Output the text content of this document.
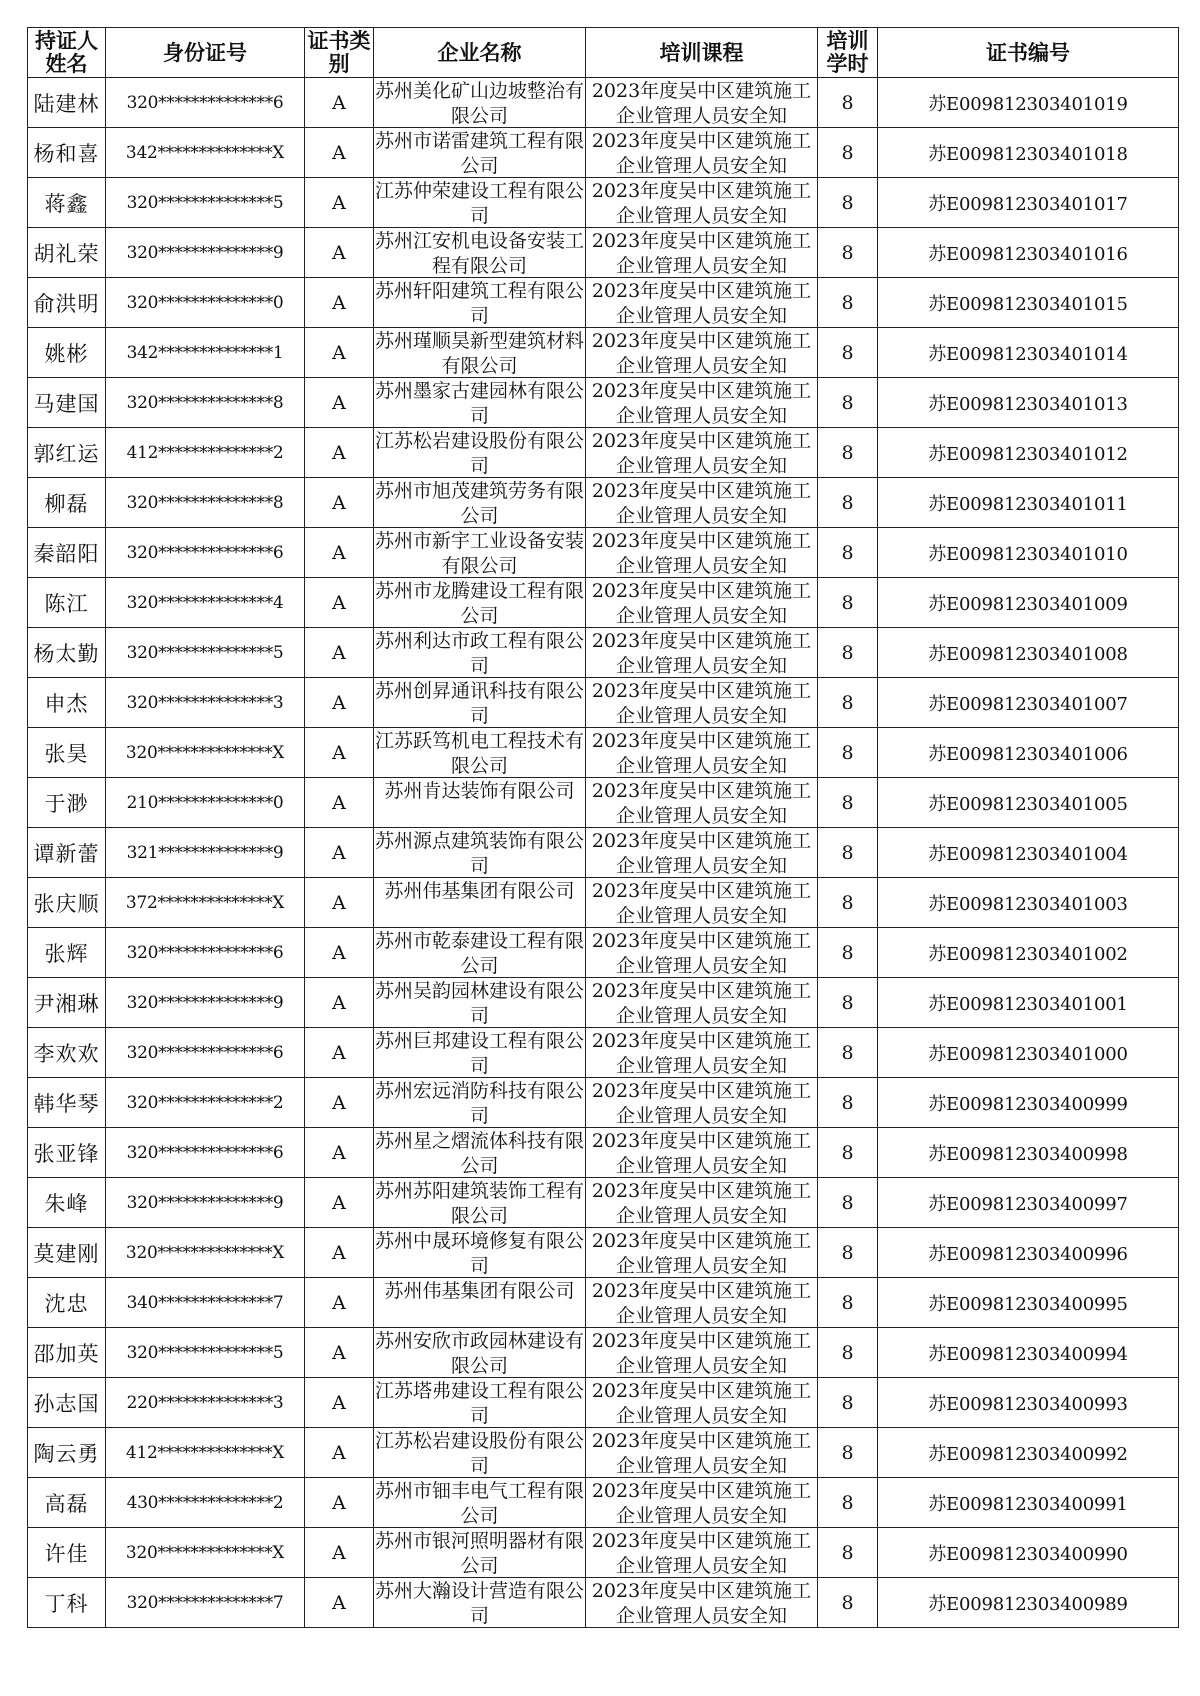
持证人姓名	身份证号	证书类别	企业名称	培训课程	培训学时	证书编号
陆建林	320**************6	A	苏州美化矿山边坡整治有限公司	2023年度吴中区建筑施工企业管理人员安全知	8	苏E009812303401019
杨和喜	342**************X	A	苏州市诺雷建筑工程有限公司	2023年度吴中区建筑施工企业管理人员安全知	8	苏E009812303401018
蒋鑫	320**************5	A	江苏仲荣建设工程有限公司	2023年度吴中区建筑施工企业管理人员安全知	8	苏E009812303401017
胡礼荣	320**************9	A	苏州江安机电设备安装工程有限公司	2023年度吴中区建筑施工企业管理人员安全知	8	苏E009812303401016
俞洪明	320**************0	A	苏州轩阳建筑工程有限公司	2023年度吴中区建筑施工企业管理人员安全知	8	苏E009812303401015
姚彬	342**************1	A	苏州瑾顺昊新型建筑材料有限公司	2023年度吴中区建筑施工企业管理人员安全知	8	苏E009812303401014
马建国	320**************8	A	苏州墨家古建园林有限公司	2023年度吴中区建筑施工企业管理人员安全知	8	苏E009812303401013
郭红运	412**************2	A	江苏松岩建设股份有限公司	2023年度吴中区建筑施工企业管理人员安全知	8	苏E009812303401012
柳磊	320**************8	A	苏州市旭茂建筑劳务有限公司	2023年度吴中区建筑施工企业管理人员安全知	8	苏E009812303401011
秦韶阳	320**************6	A	苏州市新宇工业设备安装有限公司	2023年度吴中区建筑施工企业管理人员安全知	8	苏E009812303401010
陈江	320**************4	A	苏州市龙腾建设工程有限公司	2023年度吴中区建筑施工企业管理人员安全知	8	苏E009812303401009
杨太勤	320**************5	A	苏州利达市政工程有限公司	2023年度吴中区建筑施工企业管理人员安全知	8	苏E009812303401008
申杰	320**************3	A	苏州创昇通讯科技有限公司	2023年度吴中区建筑施工企业管理人员安全知	8	苏E009812303401007
张昊	320**************X	A	江苏跃笃机电工程技术有限公司	2023年度吴中区建筑施工企业管理人员安全知	8	苏E009812303401006
于渺	210**************0	A	苏州肯达装饰有限公司	2023年度吴中区建筑施工企业管理人员安全知	8	苏E009812303401005
谭新蕾	321**************9	A	苏州源点建筑装饰有限公司	2023年度吴中区建筑施工企业管理人员安全知	8	苏E009812303401004
张庆顺	372**************X	A	苏州伟基集团有限公司	2023年度吴中区建筑施工企业管理人员安全知	8	苏E009812303401003
张辉	320**************6	A	苏州市乾泰建设工程有限公司	2023年度吴中区建筑施工企业管理人员安全知	8	苏E009812303401002
尹湘琳	320**************9	A	苏州吴韵园林建设有限公司	2023年度吴中区建筑施工企业管理人员安全知	8	苏E009812303401001
李欢欢	320**************6	A	苏州巨邦建设工程有限公司	2023年度吴中区建筑施工企业管理人员安全知	8	苏E009812303401000
韩华琴	320**************2	A	苏州宏远消防科技有限公司	2023年度吴中区建筑施工企业管理人员安全知	8	苏E009812303400999
张亚锋	320**************6	A	苏州星之熠流体科技有限公司	2023年度吴中区建筑施工企业管理人员安全知	8	苏E009812303400998
朱峰	320**************9	A	苏州苏阳建筑装饰工程有限公司	2023年度吴中区建筑施工企业管理人员安全知	8	苏E009812303400997
莫建刚	320**************X	A	苏州中晟环境修复有限公司	2023年度吴中区建筑施工企业管理人员安全知	8	苏E009812303400996
沈忠	340**************7	A	苏州伟基集团有限公司	2023年度吴中区建筑施工企业管理人员安全知	8	苏E009812303400995
邵加英	320**************5	A	苏州安欣市政园林建设有限公司	2023年度吴中区建筑施工企业管理人员安全知	8	苏E009812303400994
孙志国	220**************3	A	江苏塔弗建设工程有限公司	2023年度吴中区建筑施工企业管理人员安全知	8	苏E009812303400993
陶云勇	412**************X	A	江苏松岩建设股份有限公司	2023年度吴中区建筑施工企业管理人员安全知	8	苏E009812303400992
高磊	430**************2	A	苏州市钿丰电气工程有限公司	2023年度吴中区建筑施工企业管理人员安全知	8	苏E009812303400991
许佳	320**************X	A	苏州市银河照明器材有限公司	2023年度吴中区建筑施工企业管理人员安全知	8	苏E009812303400990
丁科	320**************7	A	苏州大瀚设计营造有限公司	2023年度吴中区建筑施工企业管理人员安全知	8	苏E009812303400989
